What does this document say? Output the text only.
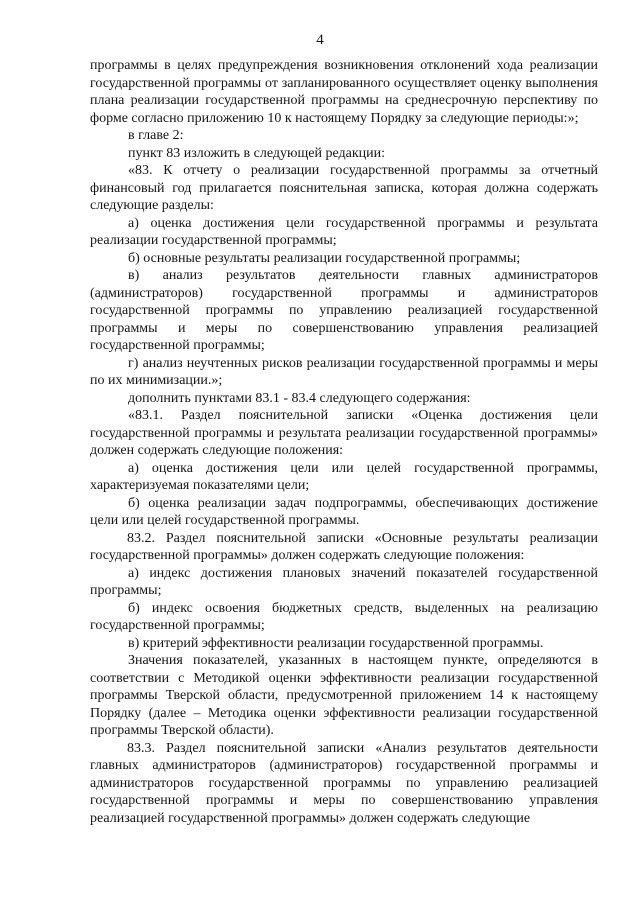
4

программы в целях предупреждения возникновения отклонений хода реализации государственной программы от запланированного осуществляет оценку выполнения плана реализации государственной программы на среднесрочную перспективу по форме согласно приложению 10 к настоящему Порядку за следующие периоды:»;

в главе 2:

пункт 83 изложить в следующей редакции:

«83. К отчету о реализации государственной программы за отчетный финансовый год прилагается пояснительная записка, которая должна содержать следующие разделы:

а) оценка достижения цели государственной программы и результата реализации государственной программы;

б) основные результаты реализации государственной программы;

в) анализ результатов деятельности главных администраторов (администраторов) государственной программы и администраторов государственной программы по управлению реализацией государственной программы и меры по совершенствованию управления реализацией государственной программы;

г) анализ неучтенных рисков реализации государственной программы и меры по их минимизации.»;

дополнить пунктами 83.1 - 83.4 следующего содержания:

«83.1. Раздел пояснительной записки «Оценка достижения цели государственной программы и результата реализации государственной программы» должен содержать следующие положения:

а) оценка достижения цели или целей государственной программы, характеризуемая показателями цели;

б) оценка реализации задач подпрограммы, обеспечивающих достижение цели или целей государственной программы.

83.2. Раздел пояснительной записки «Основные результаты реализации государственной программы» должен содержать следующие положения:

а) индекс достижения плановых значений показателей государственной программы;

б) индекс освоения бюджетных средств, выделенных на реализацию государственной программы;

в) критерий эффективности реализации государственной программы.

Значения показателей, указанных в настоящем пункте, определяются в соответствии с Методикой оценки эффективности реализации государственной программы Тверской области, предусмотренной приложением 14 к настоящему Порядку (далее – Методика оценки эффективности реализации государственной программы Тверской области).

83.3. Раздел пояснительной записки «Анализ результатов деятельности главных администраторов (администраторов) государственной программы и администраторов государственной программы по управлению реализацией государственной программы и меры по совершенствованию управления реализацией государственной программы» должен содержать следующие
